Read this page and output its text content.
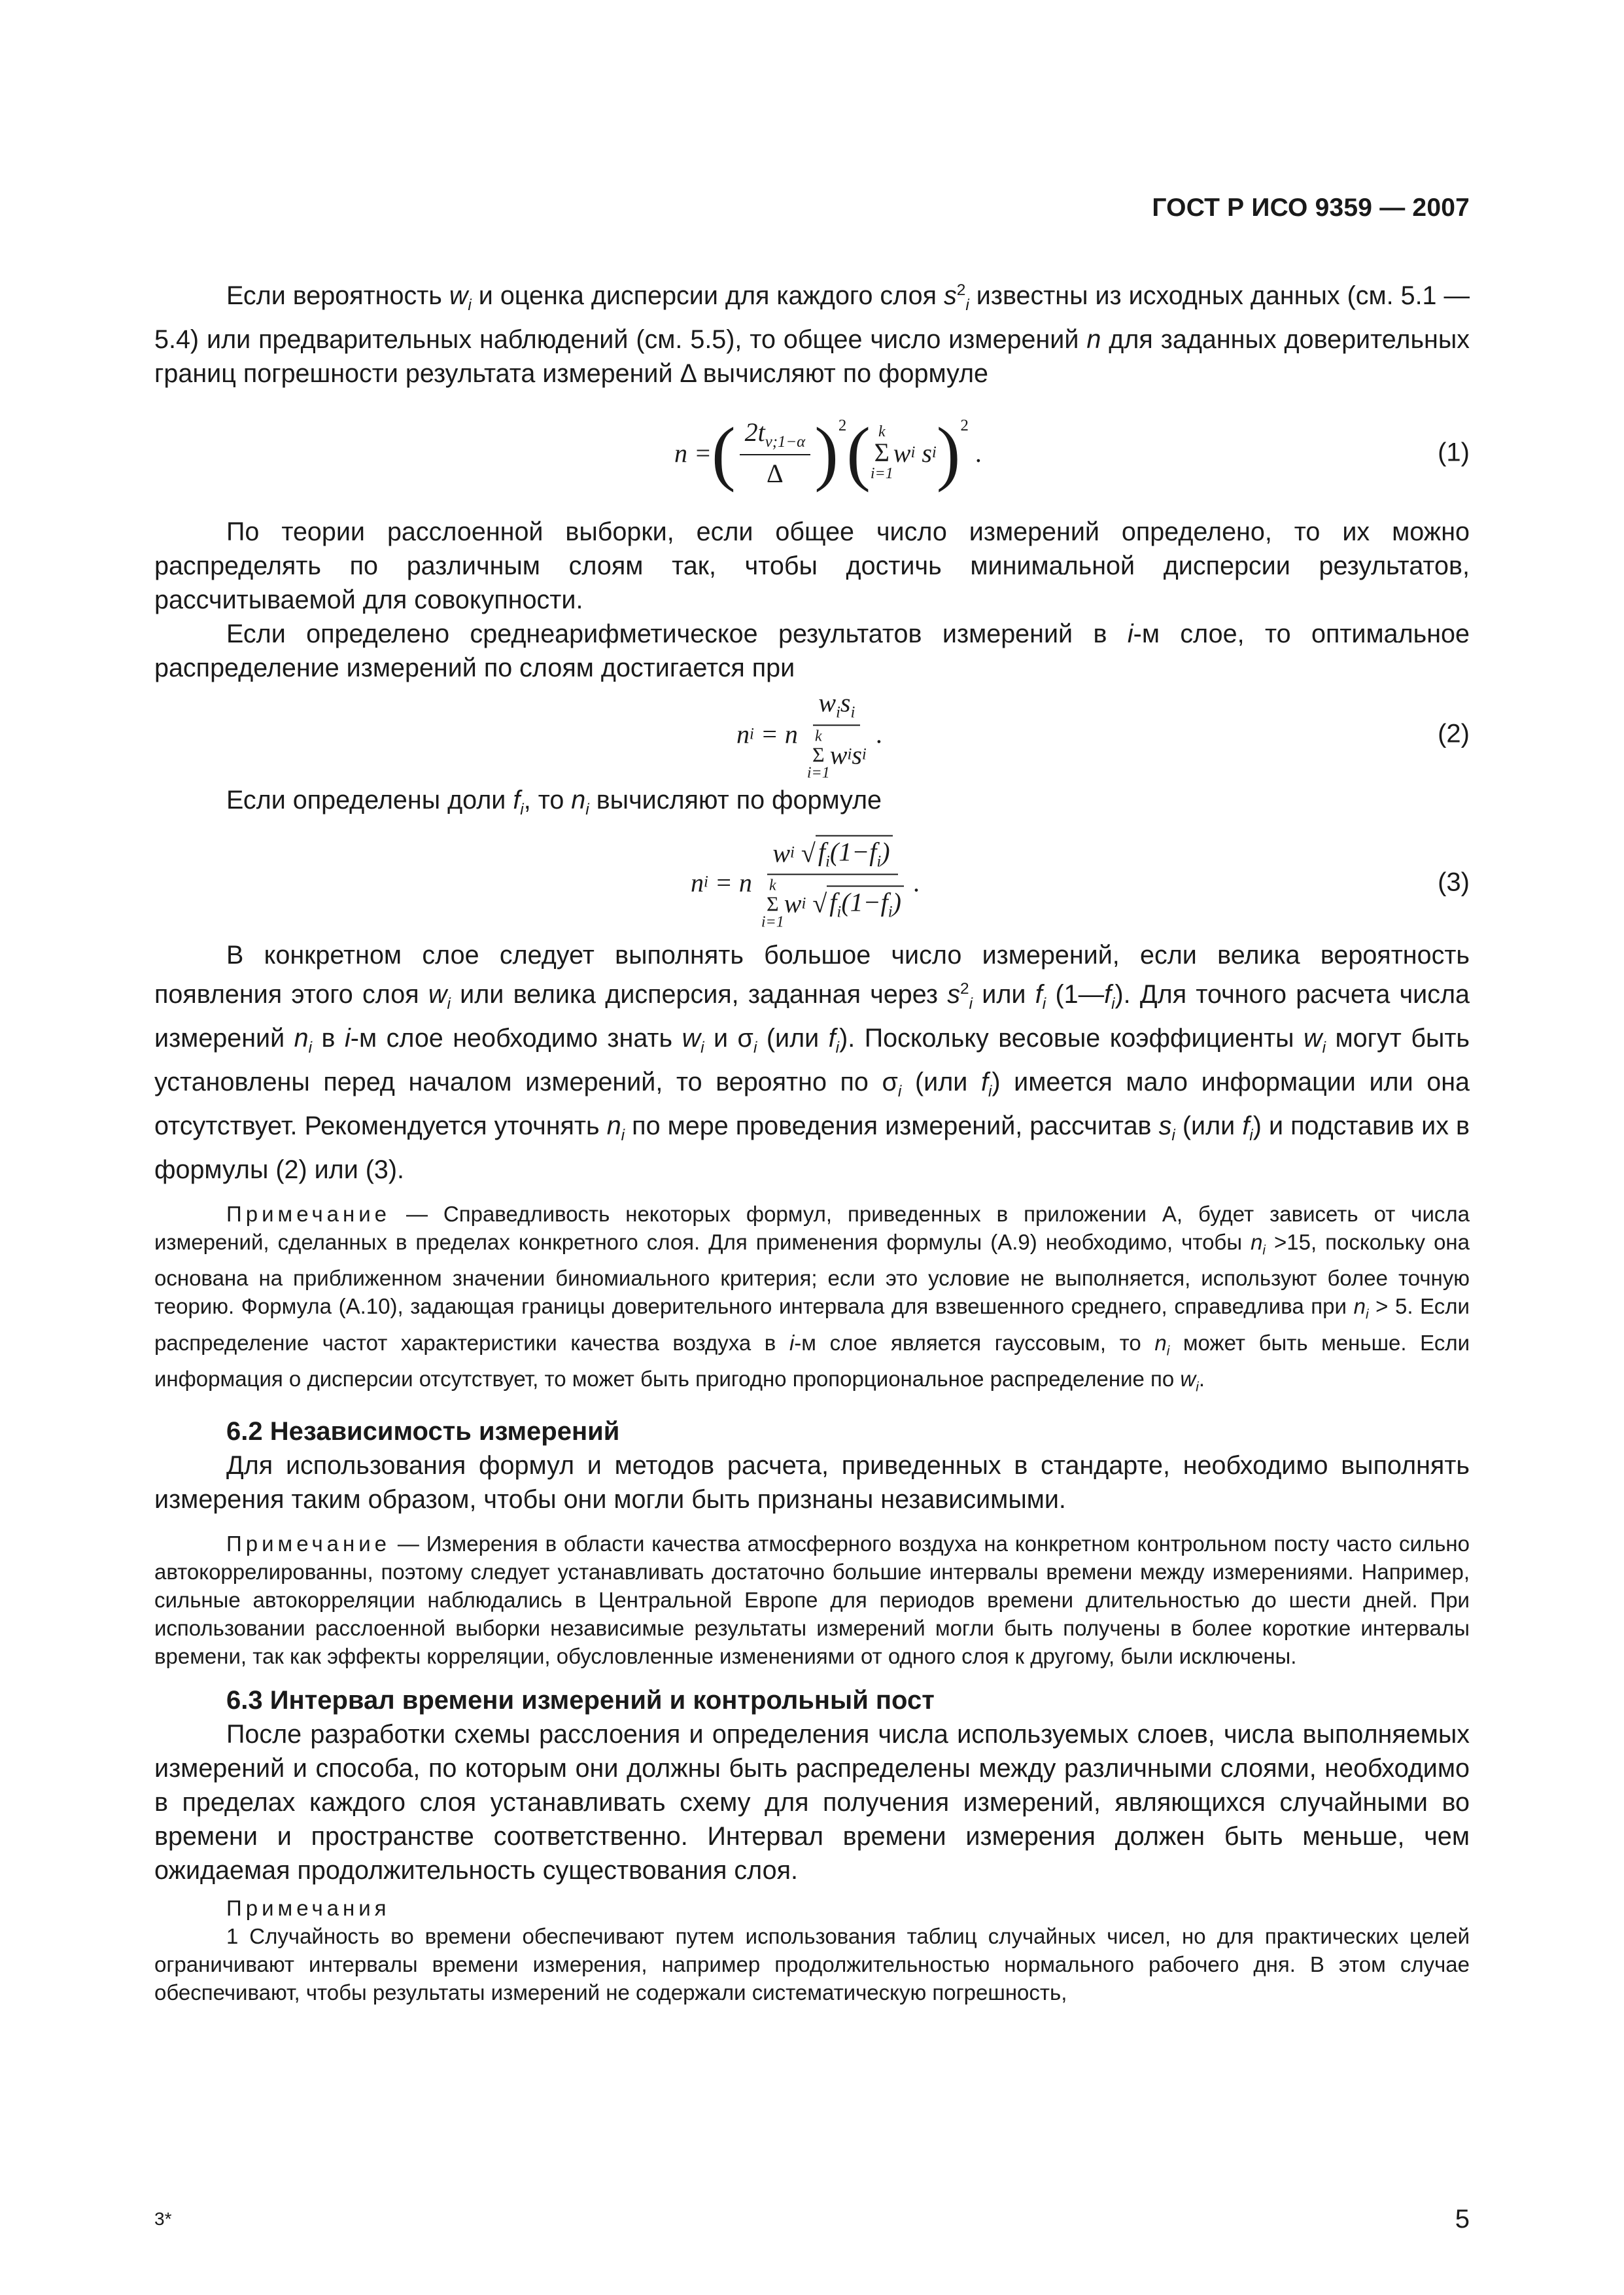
ГОСТ Р ИСО 9359 — 2007

Если вероятность $w_i$ и оценка дисперсии для каждого слоя $s^2_i$ известны из исходных данных (см. 5.1 — 5.4) или предварительных наблюдений (см. 5.5), то общее число измерений n для заданных доверительных границ погрешности результата измерений Δ вычисляют по формуле

n = ( $\frac{2t_{\nu;1-\alpha}}{\Delta} )^2$ ( k
Σ
i=1
w i
s i )$^2$
.	(1)

По теории расслоенной выборки, если общее число измерений определено, то их можно распределять по различным слоям так, чтобы достичь минимальной дисперсии результатов, рассчитываемой для совокупности.

Если определено среднеарифметическое результатов измерений в i-м слое, то оптимальное распределение измерений по слоям достигается при

n i
= n $w_is_i$
k
Σ
i=1
w i s i .	(2)

Если определены доли $f_i$, то $n_i$ вычисляют по формуле

n i
= n w i
√ $f_i(1-f_i)$
k
Σ
i=1
w i
√ $f_i(1-f_i)$ .	(3)

В конкретном слое следует выполнять большое число измерений, если велика вероятность появления этого слоя $w_i$ или велика дисперсия, заданная через $s^2_i$ или $f_i$ $(1—f_i)$. Для точного расчета числа измерений $n_i$ в i-м слое необходимо знать $w_i$ и $\sigma_i$ (или $f_i$). Поскольку весовые коэффициенты $w_i$ могут быть установлены перед началом измерений, то вероятно по $\sigma_i$ (или $f_i$) имеется мало информации или она отсутствует. Рекомендуется уточнять $n_i$ по мере проведения измерений, рассчитав $s_i$ (или $f_i$) и подставив их в формулы (2) или (3).

Примечание — Справедливость некоторых формул, приведенных в приложении А, будет зависеть от числа измерений, сделанных в пределах конкретного слоя. Для применения формулы (А.9) необходимо, чтобы $n_i >15$, поскольку она основана на приближенном значении биномиального критерия; если это условие не выполняется, используют более точную теорию. Формула (А.10), задающая границы доверительного интервала для взвешенного среднего, справедлива при $n_i > 5$. Если распределение частот характеристики качества воздуха в i-м слое является гауссовым, то $n_i$ может быть меньше. Если информация о дисперсии отсутствует, то может быть пригодно пропорциональное распределение по $w_i$.

6.2 Независимость измерений

Для использования формул и методов расчета, приведенных в стандарте, необходимо выполнять измерения таким образом, чтобы они могли быть признаны независимыми.

Примечание — Измерения в области качества атмосферного воздуха на конкретном контрольном посту часто сильно автокоррелированны, поэтому следует устанавливать достаточно большие интервалы времени между измерениями. Например, сильные автокорреляции наблюдались в Центральной Европе для периодов времени длительностью до шести дней. При использовании расслоенной выборки независимые результаты измерений могли быть получены в более короткие интервалы времени, так как эффекты корреляции, обусловленные изменениями от одного слоя к другому, были исключены.

6.3 Интервал времени измерений и контрольный пост

После разработки схемы расслоения и определения числа используемых слоев, числа выполняемых измерений и способа, по которым они должны быть распределены между различными слоями, необходимо в пределах каждого слоя устанавливать схему для получения измерений, являющихся случайными во времени и пространстве соответственно. Интервал времени измерения должен быть меньше, чем ожидаемая продолжительность существования слоя.

Примечания

1 Случайность во времени обеспечивают путем использования таблиц случайных чисел, но для практических целей ограничивают интервалы времени измерения, например продолжительностью нормального рабочего дня. В этом случае обеспечивают, чтобы результаты измерений не содержали систематическую погрешность,

3*	5
